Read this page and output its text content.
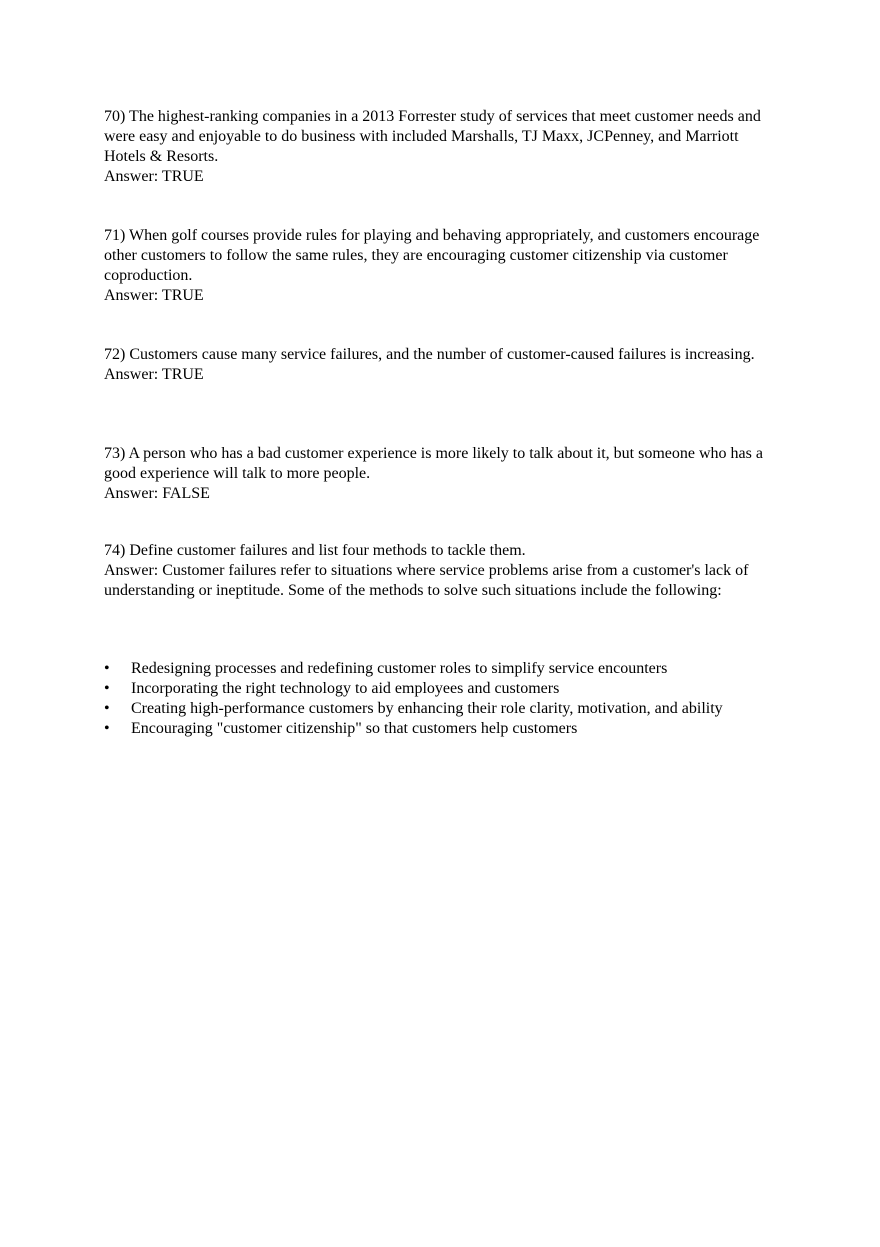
70) The highest-ranking companies in a 2013 Forrester study of services that meet customer needs and were easy and enjoyable to do business with included Marshalls, TJ Maxx, JCPenney, and Marriott Hotels & Resorts.

Answer: TRUE

71) When golf courses provide rules for playing and behaving appropriately, and customers encourage other customers to follow the same rules, they are encouraging customer citizenship via customer coproduction.

Answer: TRUE

72) Customers cause many service failures, and the number of customer-caused failures is increasing.

Answer: TRUE

73) A person who has a bad customer experience is more likely to talk about it, but someone who has a good experience will talk to more people.

Answer: FALSE

74) Define customer failures and list four methods to tackle them.

Answer: Customer failures refer to situations where service problems arise from a customer's lack of understanding or ineptitude. Some of the methods to solve such situations include the following:

• Redesigning processes and redefining customer roles to simplify service encounters
• Incorporating the right technology to aid employees and customers
• Creating high-performance customers by enhancing their role clarity, motivation, and ability
• Encouraging "customer citizenship" so that customers help customers
